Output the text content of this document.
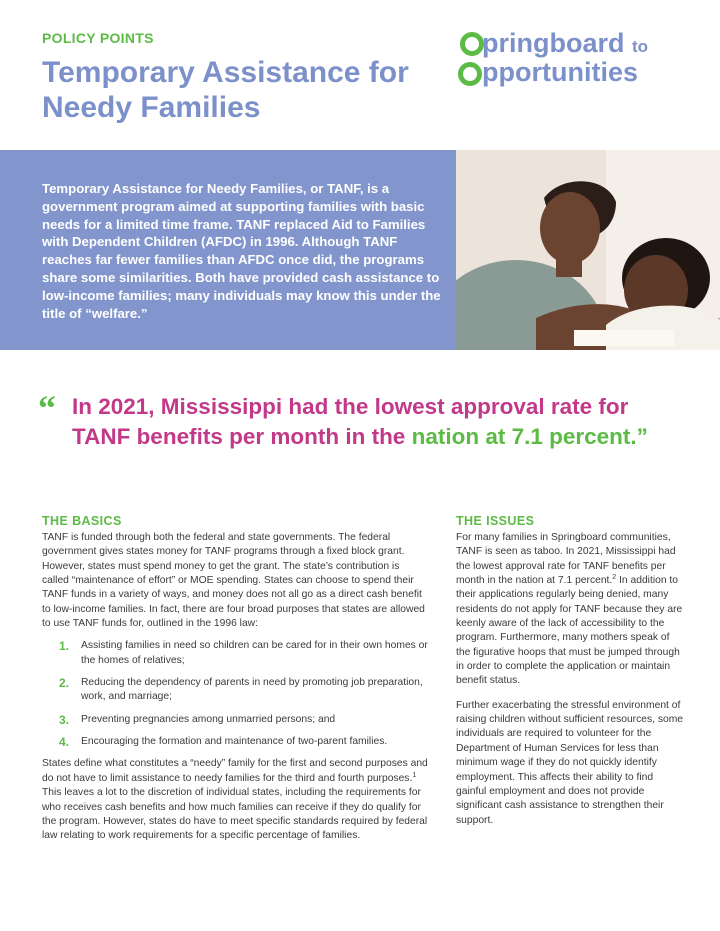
POLICY POINTS
Temporary Assistance for Needy Families
pringboard to
pportunities

Temporary Assistance for Needy Families, or TANF, is a government program aimed at supporting families with basic needs for a limited time frame. TANF replaced Aid to Families with Dependent Children (AFDC) in 1996. Although TANF reaches far fewer families than AFDC once did, the programs share some similarities. Both have provided cash assistance to low-income families; many individuals may know this under the title of “welfare.”

“ In 2021, Mississippi had the lowest approval rate for TANF benefits per month in the nation at 7.1 percent.”

THE BASICS

TANF is funded through both the federal and state governments. The federal government gives states money for TANF programs through a fixed block grant. However, states must spend money to get the grant. The state’s contribution is called “maintenance of effort” or MOE spending. States can choose to spend their TANF funds in a variety of ways, and money does not all go as a direct cash benefit to low-income families. In fact, there are four broad purposes that states are allowed to use TANF funds for, outlined in the 1996 law:

1.	Assisting families in need so children can be cared for in their own homes or the homes of relatives;
2.	Reducing the dependency of parents in need by promoting job preparation, work, and marriage;
3.	Preventing pregnancies among unmarried persons; and
4.	Encouraging the formation and maintenance of two-parent families.

States define what constitutes a “needy” family for the first and second purposes and do not have to limit assistance to needy families for the third and fourth purposes.$^1$ This leaves a lot to the discretion of individual states, including the requirements for who receives cash benefits and how much families can receive if they do qualify for the program. However, states do have to meet specific standards required by federal law relating to work requirements for a specific percentage of families.

THE ISSUES

For many families in Springboard communities, TANF is seen as taboo. In 2021, Mississippi had the lowest approval rate for TANF benefits per month in the nation at 7.1 percent.$^2$ In addition to their applications regularly being denied, many residents do not apply for TANF because they are keenly aware of the lack of accessibility to the program. Furthermore, many mothers speak of the figurative hoops that must be jumped through in order to complete the application or maintain benefit status.

Further exacerbating the stressful environment of raising children without sufficient resources, some individuals are required to volunteer for the Department of Human Services for less than minimum wage if they do not quickly identify employment. This affects their ability to find gainful employment and does not provide significant cash assistance to strengthen their support.
